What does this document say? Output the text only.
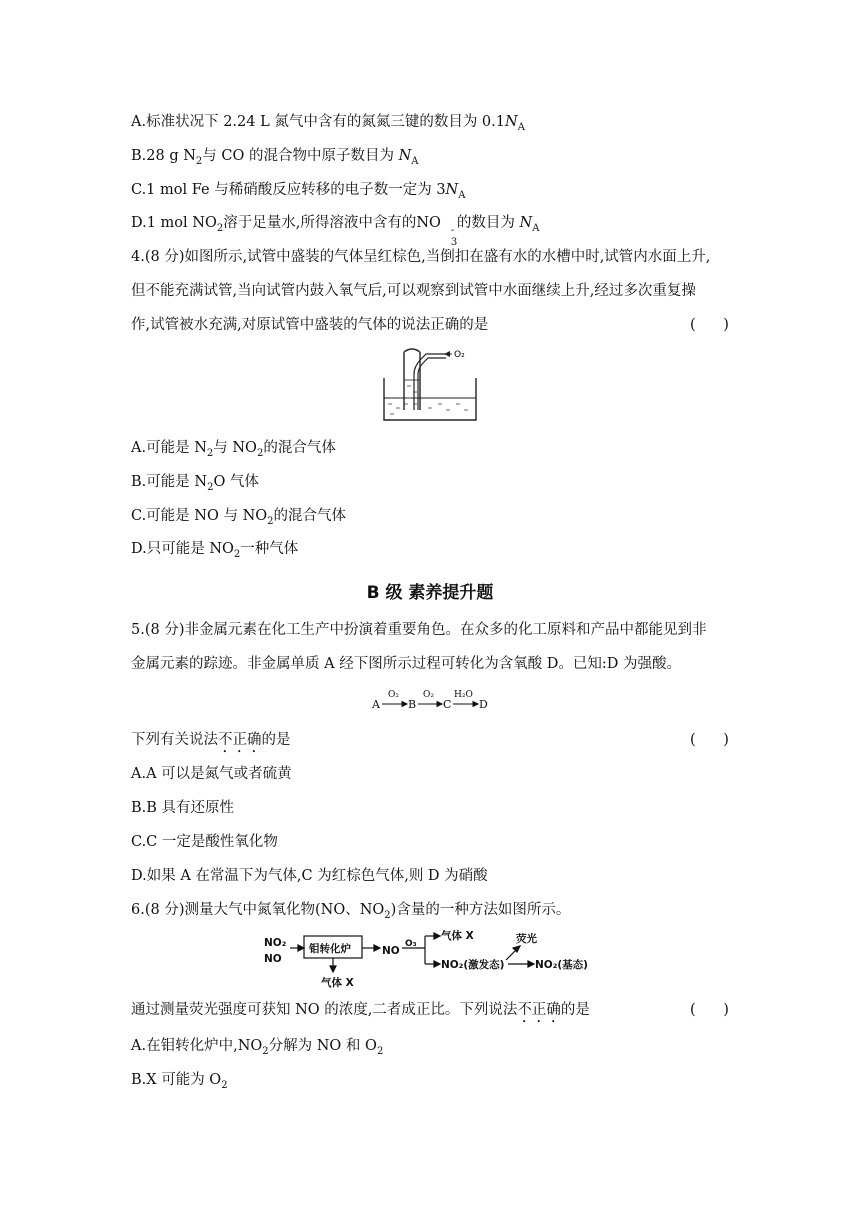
A.标准状况下 2.24 L 氮气中含有的氮氮三键的数目为 $0.1N_A$
B.28 g $N_2$与 CO 的混合物中原子数目为 $N_A$
C.1 mol Fe 与稀硝酸反应转移的电子数一定为 $3N_A$
D.1 mol $NO_2$溶于足量水,所得溶液中含有的NO -
3
的数目为 $N_A$
4.(8 分)如图所示,试管中盛装的气体呈红棕色,当倒扣在盛有水的水槽中时,试管内水面上升,
但不能充满试管,当向试管内鼓入氧气后,可以观察到试管中水面继续上升,经过多次重复操
作,试管被水充满,对原试管中盛装的气体的说法正确的是	(      )
O₂
A.可能是 $N_2$与 $NO_2$的混合气体
B.可能是 $N_2O$ 气体
C.可能是 NO 与 $NO_2$的混合气体
D.只可能是 $NO_2$一种气体
B 级 素养提升题
5.(8 分)非金属元素在化工生产中扮演着重要角色。在众多的化工原料和产品中都能见到非
金属元素的踪迹。非金属单质 A 经下图所示过程可转化为含氧酸 D。已知:D 为强酸。
A	B C	D
O₂	O₂ H₂O
下列有关说法不正确的是	(      )
A.A 可以是氮气或者硫黄
B.B 具有还原性
C.C 一定是酸性氧化物
D.如果 A 在常温下为气体,C 为红棕色气体,则 D 为硝酸
6.(8 分)测量大气中氮氧化物(NO、$NO_2$)含量的一种方法如图所示。
NO₂
NO
钼转化炉
气体 X
NO
O₃
气体 X
NO₂(激发态)
荧光
NO₂(基态)
通过测量荧光强度可获知 NO 的浓度,二者成正比。下列说法不正确的是	(      )
A.在钼转化炉中$,NO_2$分解为 NO 和 $O_2$
B.X 可能为 $O_2$
